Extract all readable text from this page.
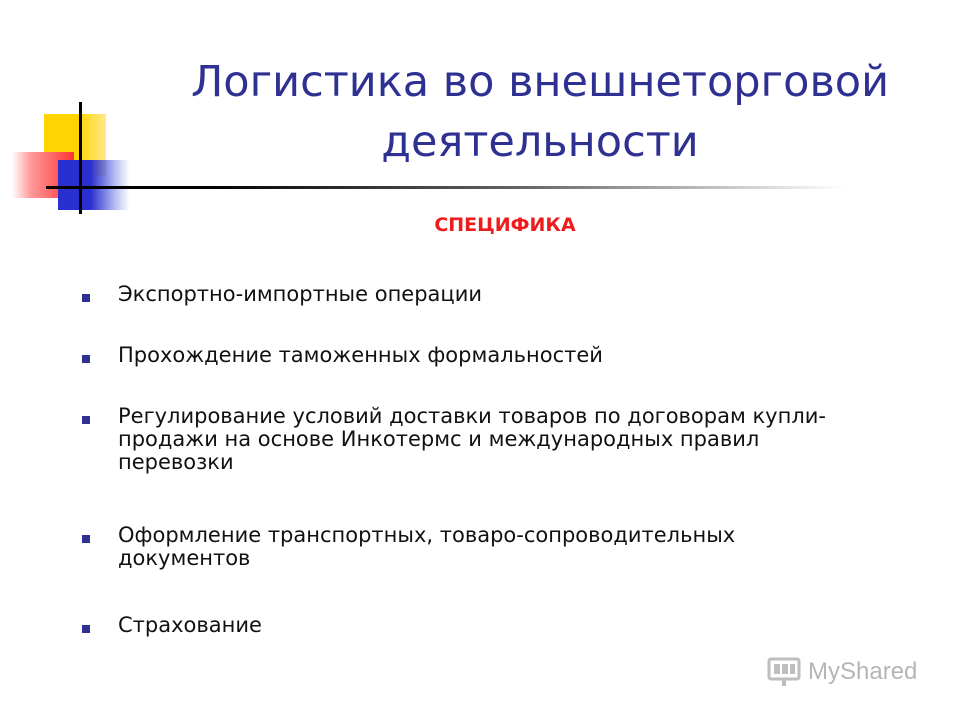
Логистика во внешнеторговой
деятельности
СПЕЦИФИКА
Экспортно-импортные операции
Прохождение таможенных формальностей
Регулирование условий доставки товаров по договорам купли-
продажи на основе Инкотермс и международных правил
перевозки
Оформление транспортных, товаро-сопроводительных
документов
Страхование
MyShared
